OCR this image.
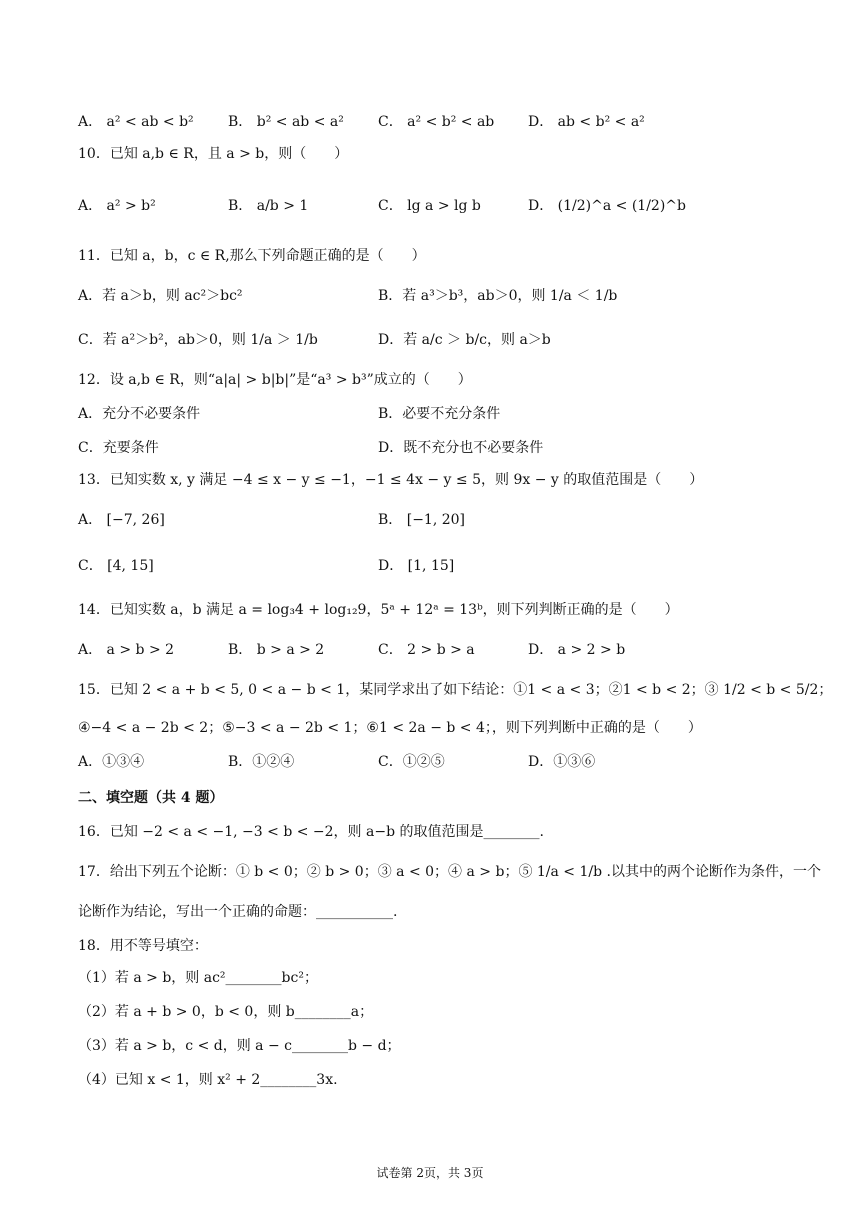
A． a² < ab < b² B． b² < ab < a² C． a² < b² < ab D． ab < b² < a²
10．已知 a,b ∈ R，且 a > b，则（　　）
A． a² > b²	B． a/b > 1	C． lg a > lg b	D． (1/2)^a < (1/2)^b
11．已知 a，b，c ∈ R,那么下列命题正确的是（　　）
A．若 a＞b，则 ac²＞bc²	B．若 a³＞b³，ab＞0，则 1/a ＜ 1/b
C．若 a²＞b²，ab＞0，则 1/a ＞ 1/b	D．若 a/c ＞ b/c，则 a＞b
12．设 a,b ∈ R，则“a|a| > b|b|”是“a³ > b³”成立的（　　）
A．充分不必要条件	B．必要不充分条件
C．充要条件	D．既不充分也不必要条件
13．已知实数 x, y 满足 −4 ≤ x − y ≤ −1，−1 ≤ 4x − y ≤ 5，则 9x − y 的取值范围是（　　）
A． [−7, 26]	B． [−1, 20]
C． [4, 15]	D． [1, 15]
14．已知实数 a，b 满足 a = log₃4 + log₁₂9，5ᵃ + 12ᵃ = 13ᵇ，则下列判断正确的是（　　）
A． a > b > 2	B． b > a > 2	C． 2 > b > a	D． a > 2 > b
15．已知 2 < a + b < 5, 0 < a − b < 1，某同学求出了如下结论：①1 < a < 3；②1 < b < 2；③ 1/2 < b < 5/2；
④−4 < a − 2b < 2；⑤−3 < a − 2b < 1；⑥1 < 2a − b < 4；，则下列判断中正确的是（　　）
A．①③④	B．①②④	C．①②⑤	D．①③⑥
二、填空题（共 4 题）
16．已知 −2 < a < −1, −3 < b < −2，则 a−b 的取值范围是________.
17．给出下列五个论断：① b < 0；② b > 0；③ a < 0；④ a > b；⑤ 1/a < 1/b .以其中的两个论断作为条件，一个
论断作为结论，写出一个正确的命题：___________.
18．用不等号填空：
（1）若 a > b，则 ac²________bc²；
（2）若 a + b > 0，b < 0，则 b________a；
（3）若 a > b，c < d，则 a − c________b − d；
（4）已知 x < 1，则 x² + 2________3x.
试卷第 2页，共 3页
